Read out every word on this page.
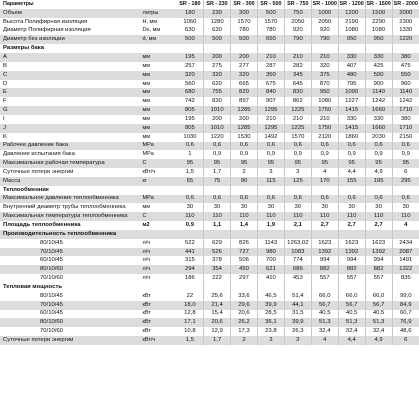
Параметры		SR - 180	SR - 230	SR - 300	SR - 500	SR - 750	SR - 1000	SR - 1200	SR - 1500	SR - 2000
Объем	литры	180	230	300	500	750	1000	1200	1500	2000
Высота Полифирная изоляция	H, мм	1060	1280	1570	1570	2050	2050	2190	2290	2300
Диаметр Полифирная изоляция	De, мм	630	630	780	780	920	920	1080	1080	1330
Диаметр без изоляции	d, мм	500	500	500	650	790	790	950	950	1220
Размеры бака										
A	мм	195	200	200	210	210	210	330	330	380
B	мм	257	275	277	287	282	320	407	425	475
C	мм	320	320	320	350	345	375	480	500	550
D	мм	560	620	665	675	645	870	795	900	960
E	мм	680	755	820	840	830	950	1090	1140	1140
F	мм	742	830	897	907	862	1080	1227	1242	1242
G	мм	805	1010	1285	1295	1225	1750	1415	1660	1710
I	мм	195	200	200	210	210	210	330	330	380
J	мм	805	1010	1285	1295	1225	1750	1415	1660	1710
K	мм	1030	1220	1530	1492	1570	2120	1860	2030	2150
Рабочее давление бака	MPa	0,6	0,6	0,6	0,6	0,6	0,6	0,6	0,6	0,6
Давление испытания бака	MPa	1	0,9	0,9	0,9	0,9	0,9	0,9	0,9	0,9
Максимальная рабочая температура	C	95	95	95	95	95	95	95	95	95
Суточные потери энергии	кВт/ч	1,5	1,7	2	3	3	4	4,4	4,9	6
Масса	кг	65	75	90	115	125	170	155	195	295
Теплообменник										
Максимальное давление теплообменника	MPa	0,6	0,6	0,6	0,6	0,6	0,6	0,6	0,6	0,6
Внутренний диаметр трубы теплообменника	мм	30	30	30	30	30	30	30	30	30
Максимальная температура теплообменника	C	110	110	110	110	110	110	110	110	110
Площадь теплообменника	м2	0,9	1,1	1,4	1,9	2,1	2,7	2,7	2,7	4
Производительность теплообменника										
80/10/45	л/ч	522	629	826	1143	1263,02	1623	1623	1623	2434
70/10/45	л/ч	441	526	727	980	1083	1392	1392	1392	2087
60/10/45	л/ч	315	378	506	700	774	994	994	994	1491
80/10/60	л/ч	294	354	450	621	686	882	882	882	1322
70/10/60	л/ч	186	222	297	410	453	557	557	557	835
Тепловая мощность										
80/10/45	кВт	22	25,6	33,6	46,5	51,4	66,0	66,0	66,0	99,0
70/10/45	кВт	18,0	21,4	29,6	39,9	44,1	56,7	56,7	56,7	84,9
60/10/45	кВт	12,8	15,4	20,6	28,5	31,5	40,5	40,5	40,5	60,7
80/10/60	кВт	17,1	20,6	26,2	36,1	39,9	51,3	51,3	51,3	76,9
70/10/60	кВт	10,8	12,9	17,3	23,8	26,3	32,4	32,4	32,4	48,6
Суточные потери энергии	кВт/ч	1,5	1,7	2	3	3	4	4,4	4,9	6
